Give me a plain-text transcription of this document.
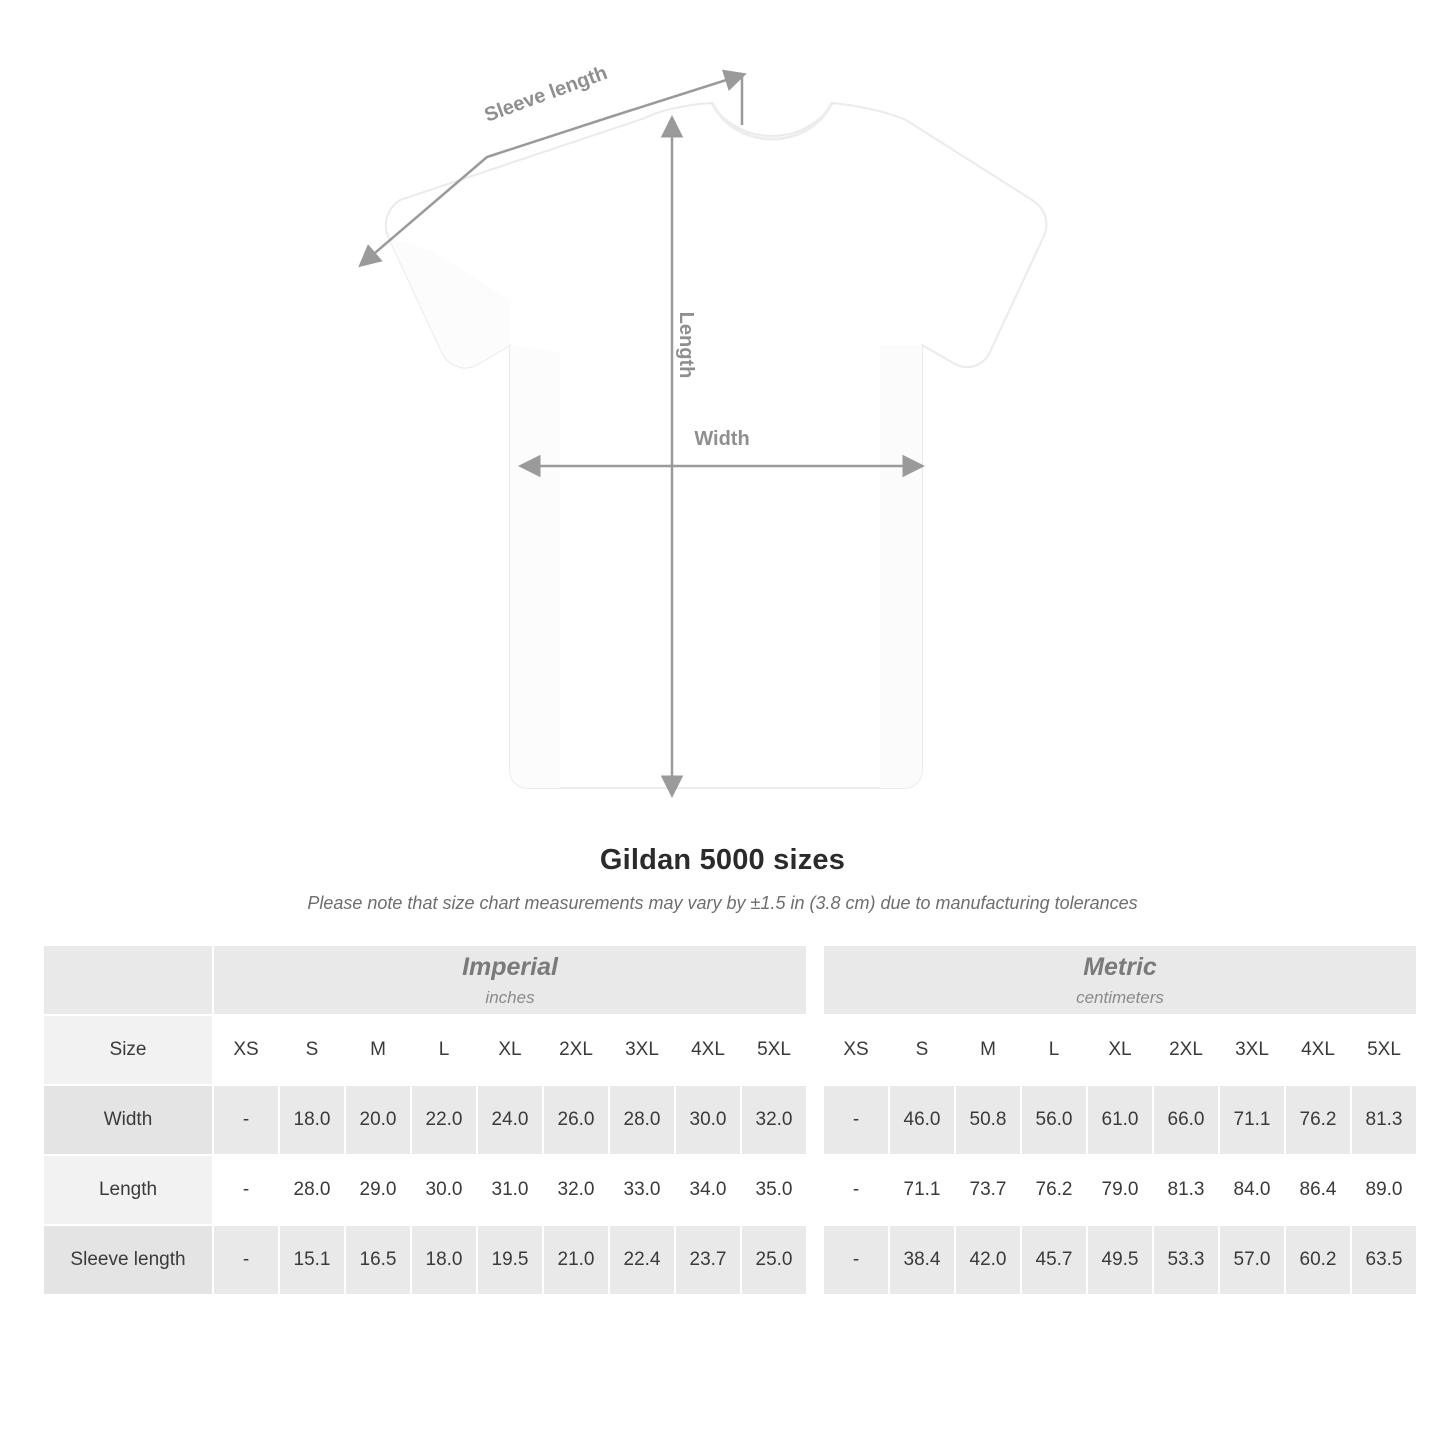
Width
Length
Sleeve length
Gildan 5000 sizes
Please note that size chart measurements may vary by ±1.5 in (3.8 cm) due to manufacturing tolerances

Imperial
inches

Metric
centimeters

Size	XS	S	M	L	XL	2XL	3XL	4XL	5XL		XS	S	M	L	XL	2XL	3XL	4XL	5XL
Width	-	18.0	20.0	22.0	24.0	26.0	28.0	30.0	32.0		-	46.0	50.8	56.0	61.0	66.0	71.1	76.2	81.3
Length	-	28.0	29.0	30.0	31.0	32.0	33.0	34.0	35.0		-	71.1	73.7	76.2	79.0	81.3	84.0	86.4	89.0
Sleeve length	-	15.1	16.5	18.0	19.5	21.0	22.4	23.7	25.0		-	38.4	42.0	45.7	49.5	53.3	57.0	60.2	63.5
